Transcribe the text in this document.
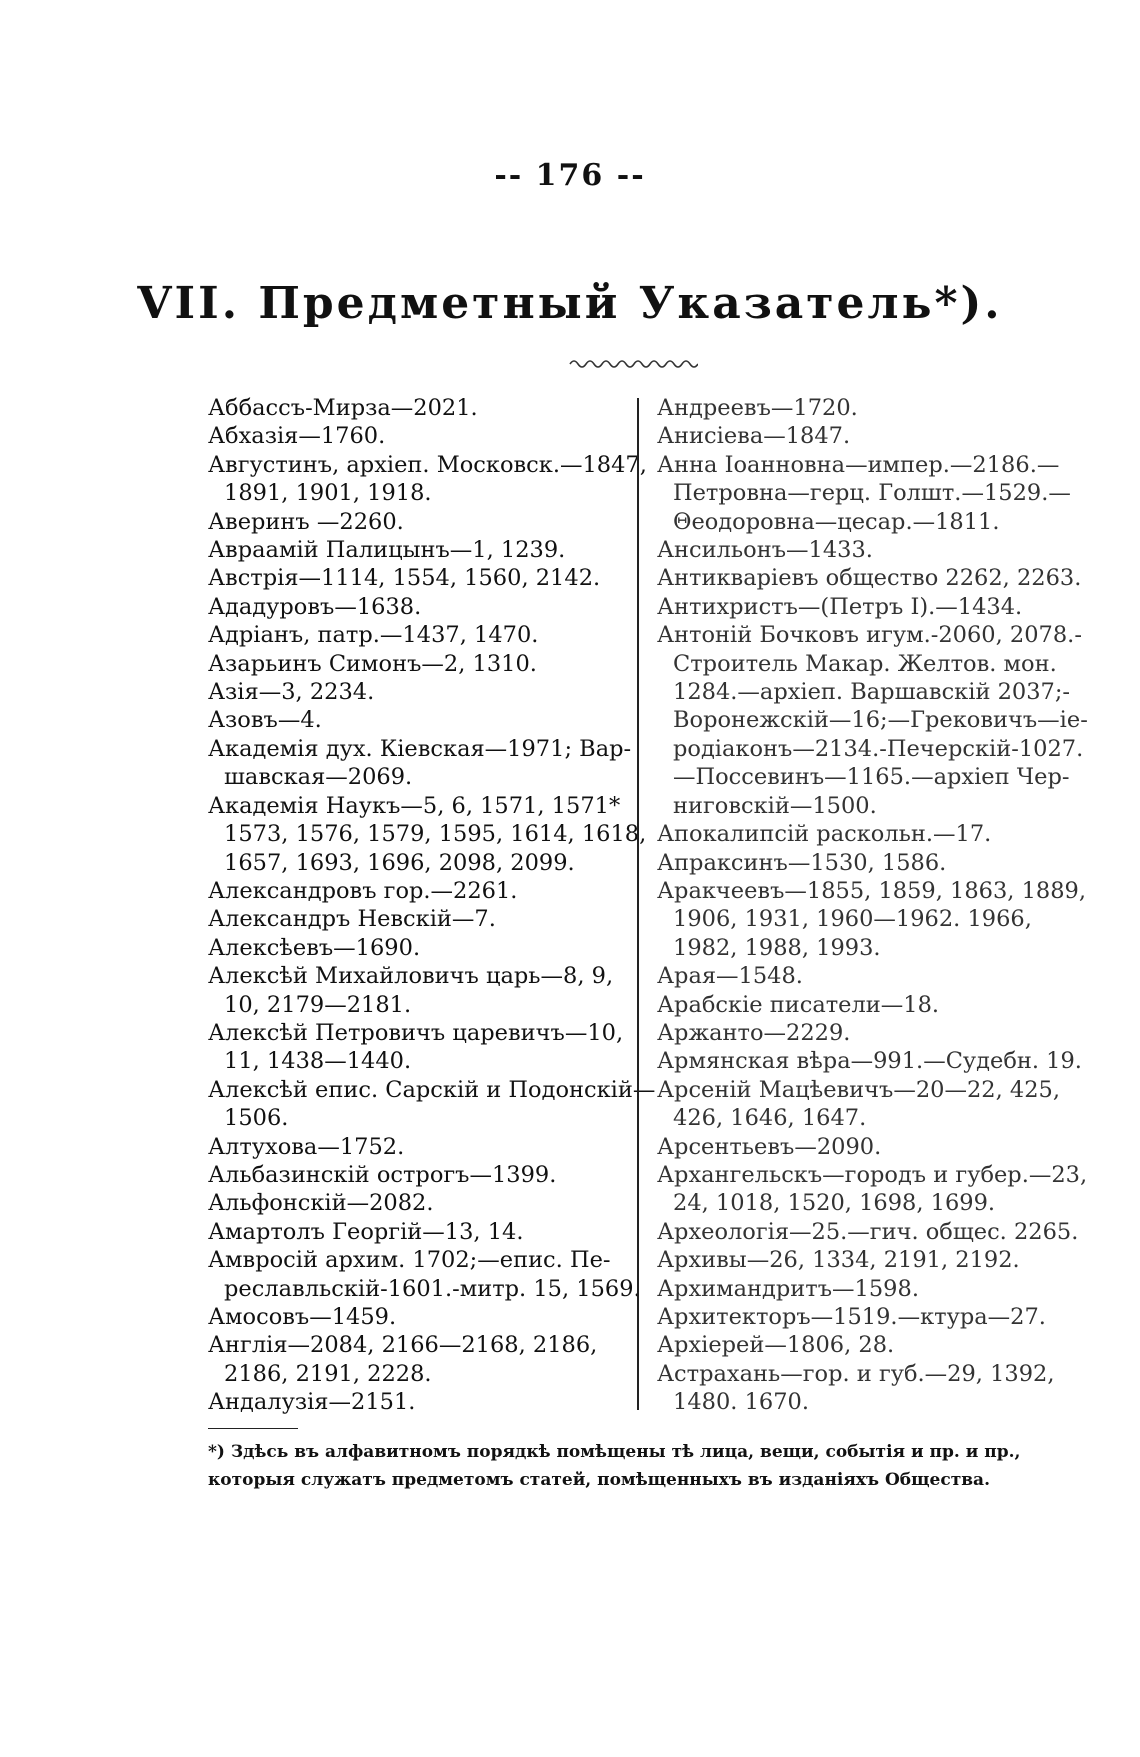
-- 176 --
VII. Предметный Указатель*).
Аббассъ-Мирза—2021.
Абхазія—1760.
Августинъ, архіеп. Московск.—1847,
1891, 1901, 1918.
Аверинъ —2260.
Авраамій Палицынъ—1, 1239.
Австрія—1114, 1554, 1560, 2142.
Ададуровъ—1638.
Адріанъ, патр.—1437, 1470.
Азарьинъ Симонъ—2, 1310.
Азія—3, 2234.
Азовъ—4.
Академія дух. Кіевская—1971; Вар-
шавская—2069.
Академія Наукъ—5, 6, 1571, 1571*
1573, 1576, 1579, 1595, 1614, 1618,
1657, 1693, 1696, 2098, 2099.
Александровъ гор.—2261.
Александръ Невскій—7.
Алексѣевъ—1690.
Алексѣй Михайловичъ царь—8, 9,
10, 2179—2181.
Алексѣй Петровичъ царевичъ—10,
11, 1438—1440.
Алексѣй епис. Сарскій и Подонскій—
1506.
Алтухова—1752.
Альбазинскій острогъ—1399.
Альфонскій—2082.
Амартолъ Георгій—13, 14.
Амвросій архим. 1702;—епис. Пе-
реславльскій-1601.-митр. 15, 1569.
Амосовъ—1459.
Англія—2084, 2166—2168, 2186,
2186, 2191, 2228.
Андалузія—2151.
Андреевъ—1720.
Анисіева—1847.
Анна Іоанновна—импер.—2186.—
Петровна—герц. Голшт.—1529.—
Θеодоровна—цесар.—1811.
Ансильонъ—1433.
Антикваріевъ общество 2262, 2263.
Антихристъ—(Петръ I).—1434.
Антоній Бочковъ игум.-2060, 2078.-
Строитель Макар. Желтов. мон.
1284.—архіеп. Варшавскій 2037;-
Воронежскій—16;—Грековичъ—іе-
родіаконъ—2134.-Печерскій-1027.
—Поссевинъ—1165.—архіеп Чер-
ниговскій—1500.
Апокалипсій раскольн.—17.
Апраксинъ—1530, 1586.
Аракчеевъ—1855, 1859, 1863, 1889,
1906, 1931, 1960—1962. 1966,
1982, 1988, 1993.
Арая—1548.
Арабскіе писатели—18.
Аржанто—2229.
Армянская вѣра—991.—Судебн. 19.
Арсеній Мацѣевичъ—20—22, 425,
426, 1646, 1647.
Арсентьевъ—2090.
Архангельскъ—городъ и губер.—23,
24, 1018, 1520, 1698, 1699.
Археологія—25.—гич. общес. 2265.
Архивы—26, 1334, 2191, 2192.
Архимандритъ—1598.
Архитекторъ—1519.—ктура—27.
Архіерей—1806, 28.
Астрахань—гор. и губ.—29, 1392,
1480. 1670.
*) Здѣсь въ алфавитномъ порядкѣ помѣщены тѣ лица, вещи, событія и пр. и пр.,
которыя служатъ предметомъ статей, помѣщенныхъ въ изданіяхъ Общества.
